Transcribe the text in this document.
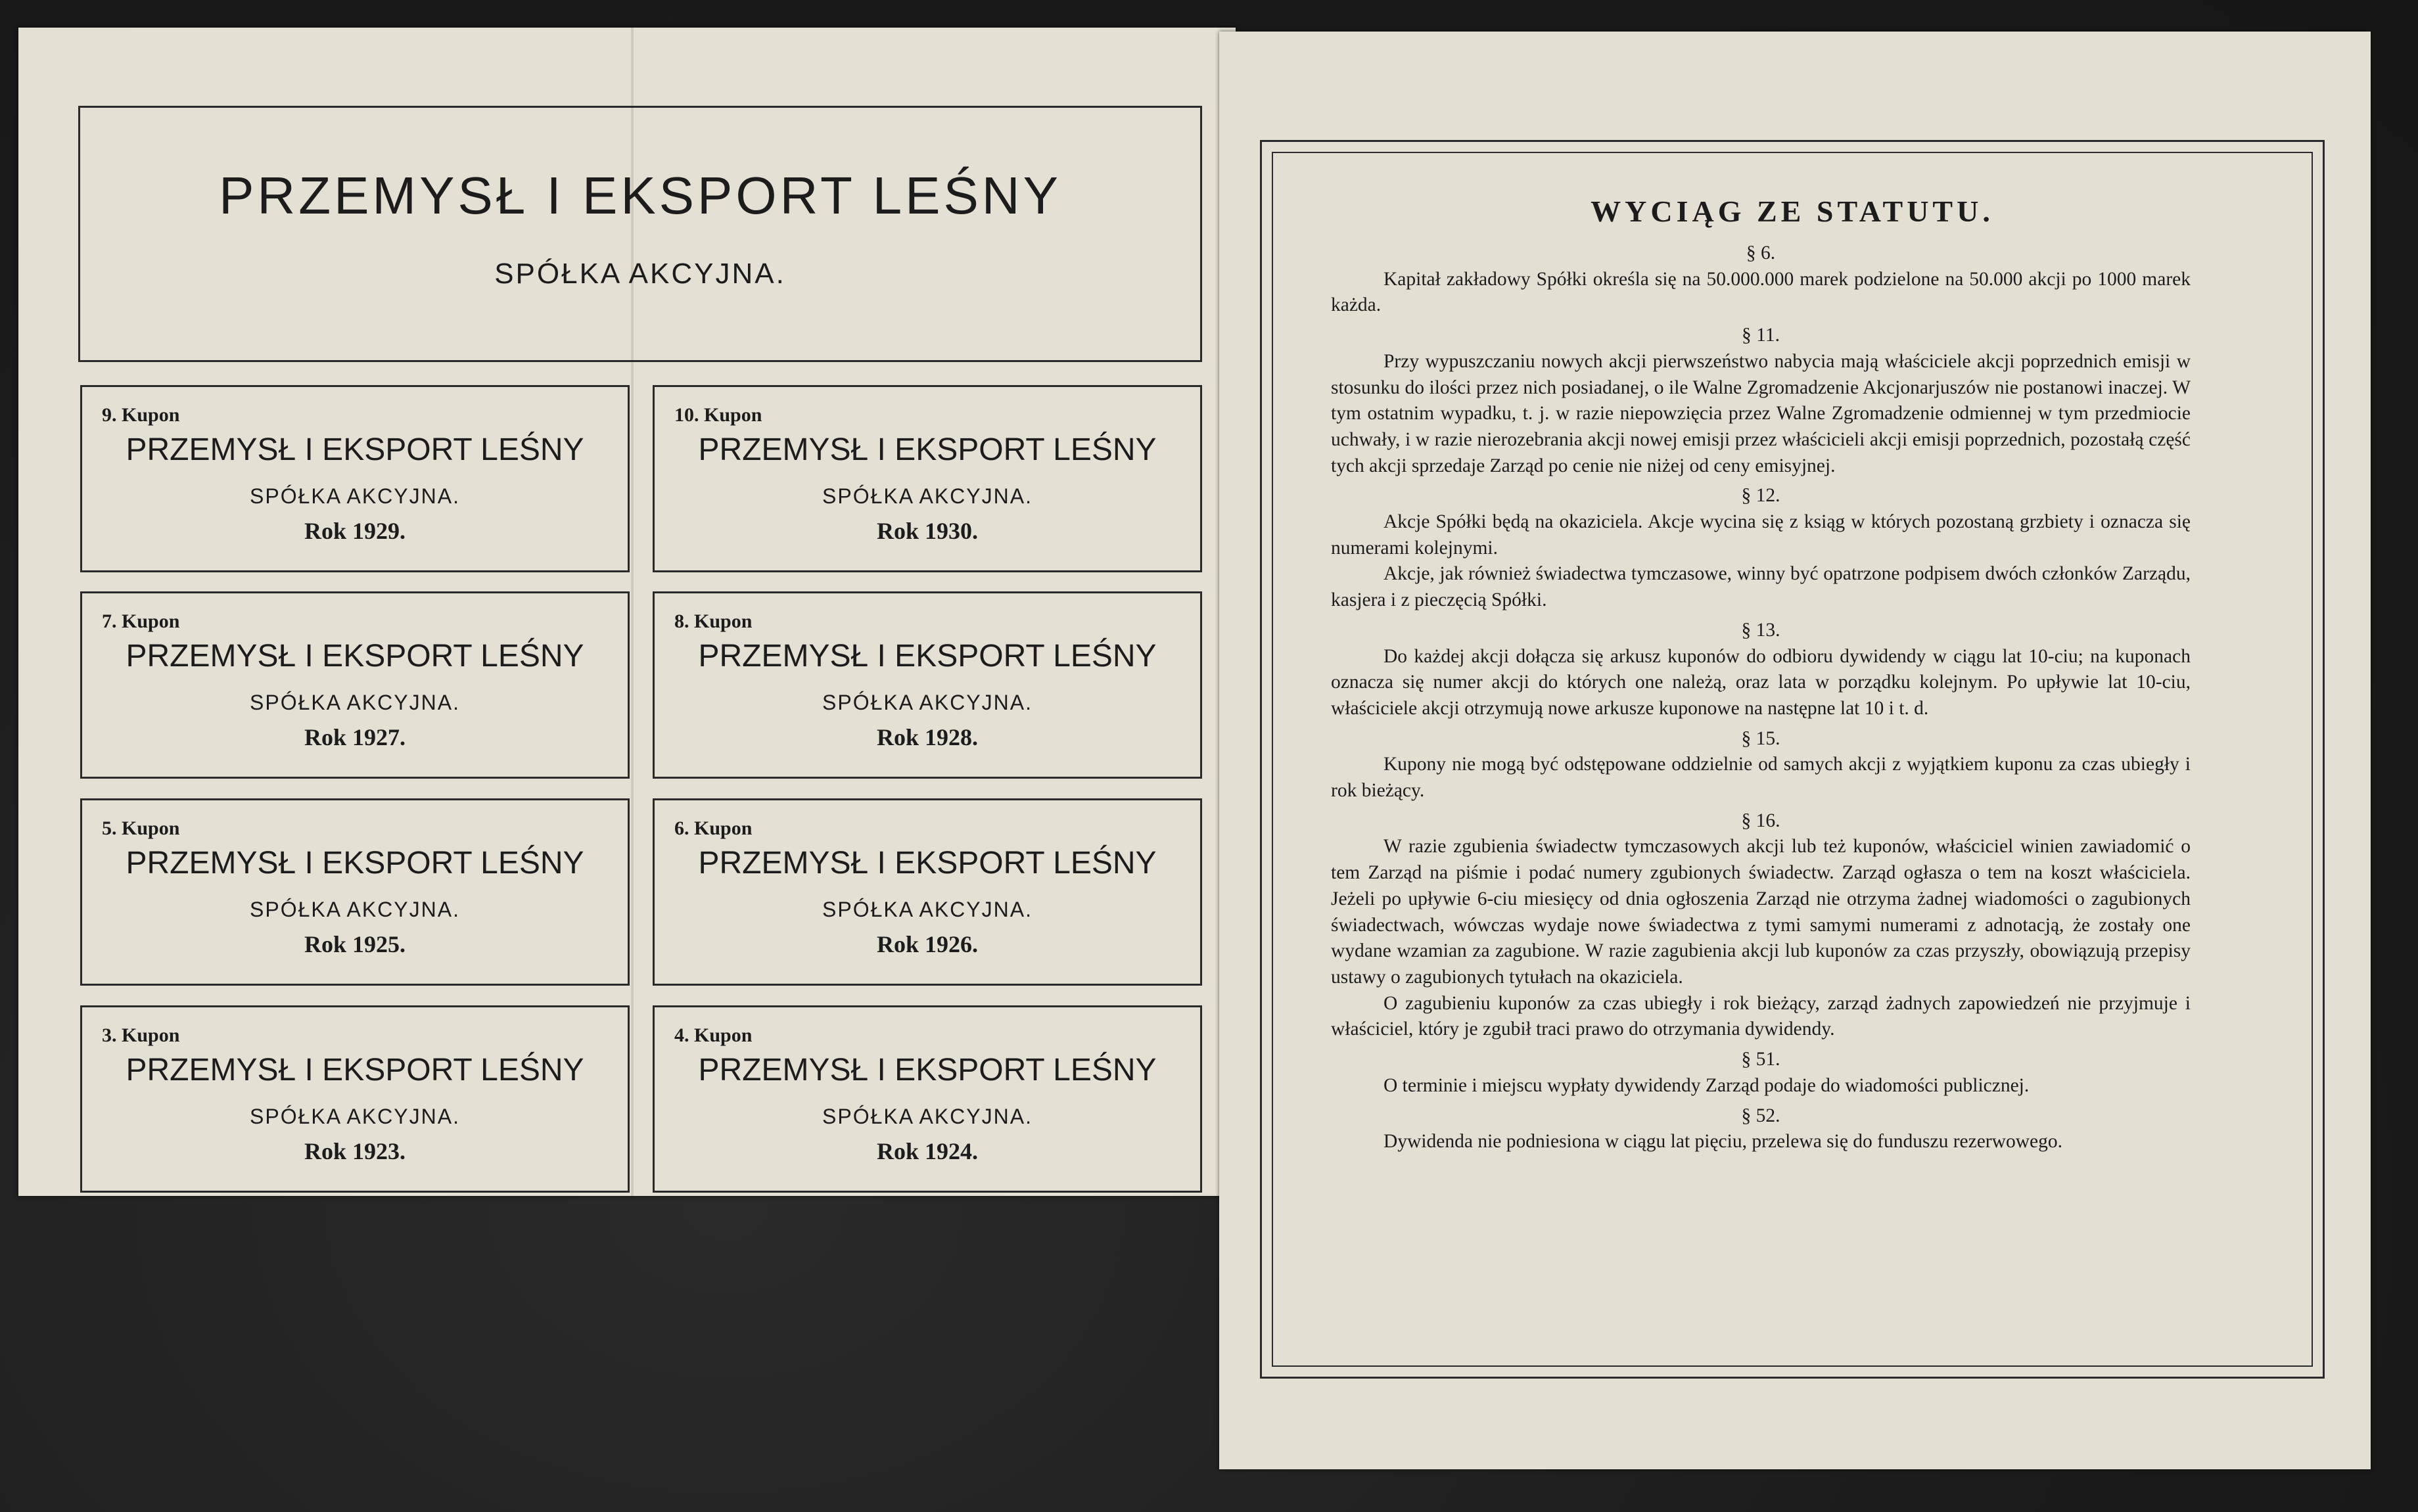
PRZEMYSŁ I EKSPORT LEŚNY
SPÓŁKA AKCYJNA.
9. Kupon
PRZEMYSŁ I EKSPORT LEŚNY
SPÓŁKA AKCYJNA.
Rok 1929.
10. Kupon
PRZEMYSŁ I EKSPORT LEŚNY
SPÓŁKA AKCYJNA.
Rok 1930.
7. Kupon
PRZEMYSŁ I EKSPORT LEŚNY
SPÓŁKA AKCYJNA.
Rok 1927.
8. Kupon
PRZEMYSŁ I EKSPORT LEŚNY
SPÓŁKA AKCYJNA.
Rok 1928.
5. Kupon
PRZEMYSŁ I EKSPORT LEŚNY
SPÓŁKA AKCYJNA.
Rok 1925.
6. Kupon
PRZEMYSŁ I EKSPORT LEŚNY
SPÓŁKA AKCYJNA.
Rok 1926.
3. Kupon
PRZEMYSŁ I EKSPORT LEŚNY
SPÓŁKA AKCYJNA.
Rok 1923.
4. Kupon
PRZEMYSŁ I EKSPORT LEŚNY
SPÓŁKA AKCYJNA.
Rok 1924.
WYCIĄG ZE STATUTU.
§ 6.
Kapitał zakładowy Spółki określa się na 50.000.000 marek podzielone na 50.000 akcji po 1000 marek każda.
§ 11.
Przy wypuszczaniu nowych akcji pierwszeństwo nabycia mają właściciele akcji poprzednich emisji w stosunku do ilości przez nich posiadanej, o ile Walne Zgromadzenie Akcjonarjuszów nie postanowi inaczej. W tym ostatnim wypadku, t. j. w razie niepowzięcia przez Walne Zgromadzenie odmiennej w tym przedmiocie uchwały, i w razie nierozebrania akcji nowej emisji przez właścicieli akcji emisji poprzednich, pozostałą część tych akcji sprzedaje Zarząd po cenie nie niżej od ceny emisyjnej.
§ 12.
Akcje Spółki będą na okaziciela. Akcje wycina się z ksiąg w których pozostaną grzbiety i oznacza się numerami kolejnymi.
Akcje, jak również świadectwa tymczasowe, winny być opatrzone podpisem dwóch członków Zarządu, kasjera i z pieczęcią Spółki.
§ 13.
Do każdej akcji dołącza się arkusz kuponów do odbioru dywidendy w ciągu lat 10-ciu; na kuponach oznacza się numer akcji do których one należą, oraz lata w porządku kolejnym. Po upływie lat 10-ciu, właściciele akcji otrzymują nowe arkusze kuponowe na następne lat 10 i t. d.
§ 15.
Kupony nie mogą być odstępowane oddzielnie od samych akcji z wyjątkiem kuponu za czas ubiegły i rok bieżący.
§ 16.
W razie zgubienia świadectw tymczasowych akcji lub też kuponów, właściciel winien zawiadomić o tem Zarząd na piśmie i podać numery zgubionych świadectw. Zarząd ogłasza o tem na koszt właściciela. Jeżeli po upływie 6-ciu miesięcy od dnia ogłoszenia Zarząd nie otrzyma żadnej wiadomości o zagubionych świadectwach, wówczas wydaje nowe świadectwa z tymi samymi numerami z adnotacją, że zostały one wydane wzamian za zagubione. W razie zagubienia akcji lub kuponów za czas przyszły, obowiązują przepisy ustawy o zagubionych tytułach na okaziciela.
O zagubieniu kuponów za czas ubiegły i rok bieżący, zarząd żadnych zapowiedzeń nie przyjmuje i właściciel, który je zgubił traci prawo do otrzymania dywidendy.
§ 51.
O terminie i miejscu wypłaty dywidendy Zarząd podaje do wiadomości publicznej.
§ 52.
Dywidenda nie podniesiona w ciągu lat pięciu, przelewa się do funduszu rezerwowego.
